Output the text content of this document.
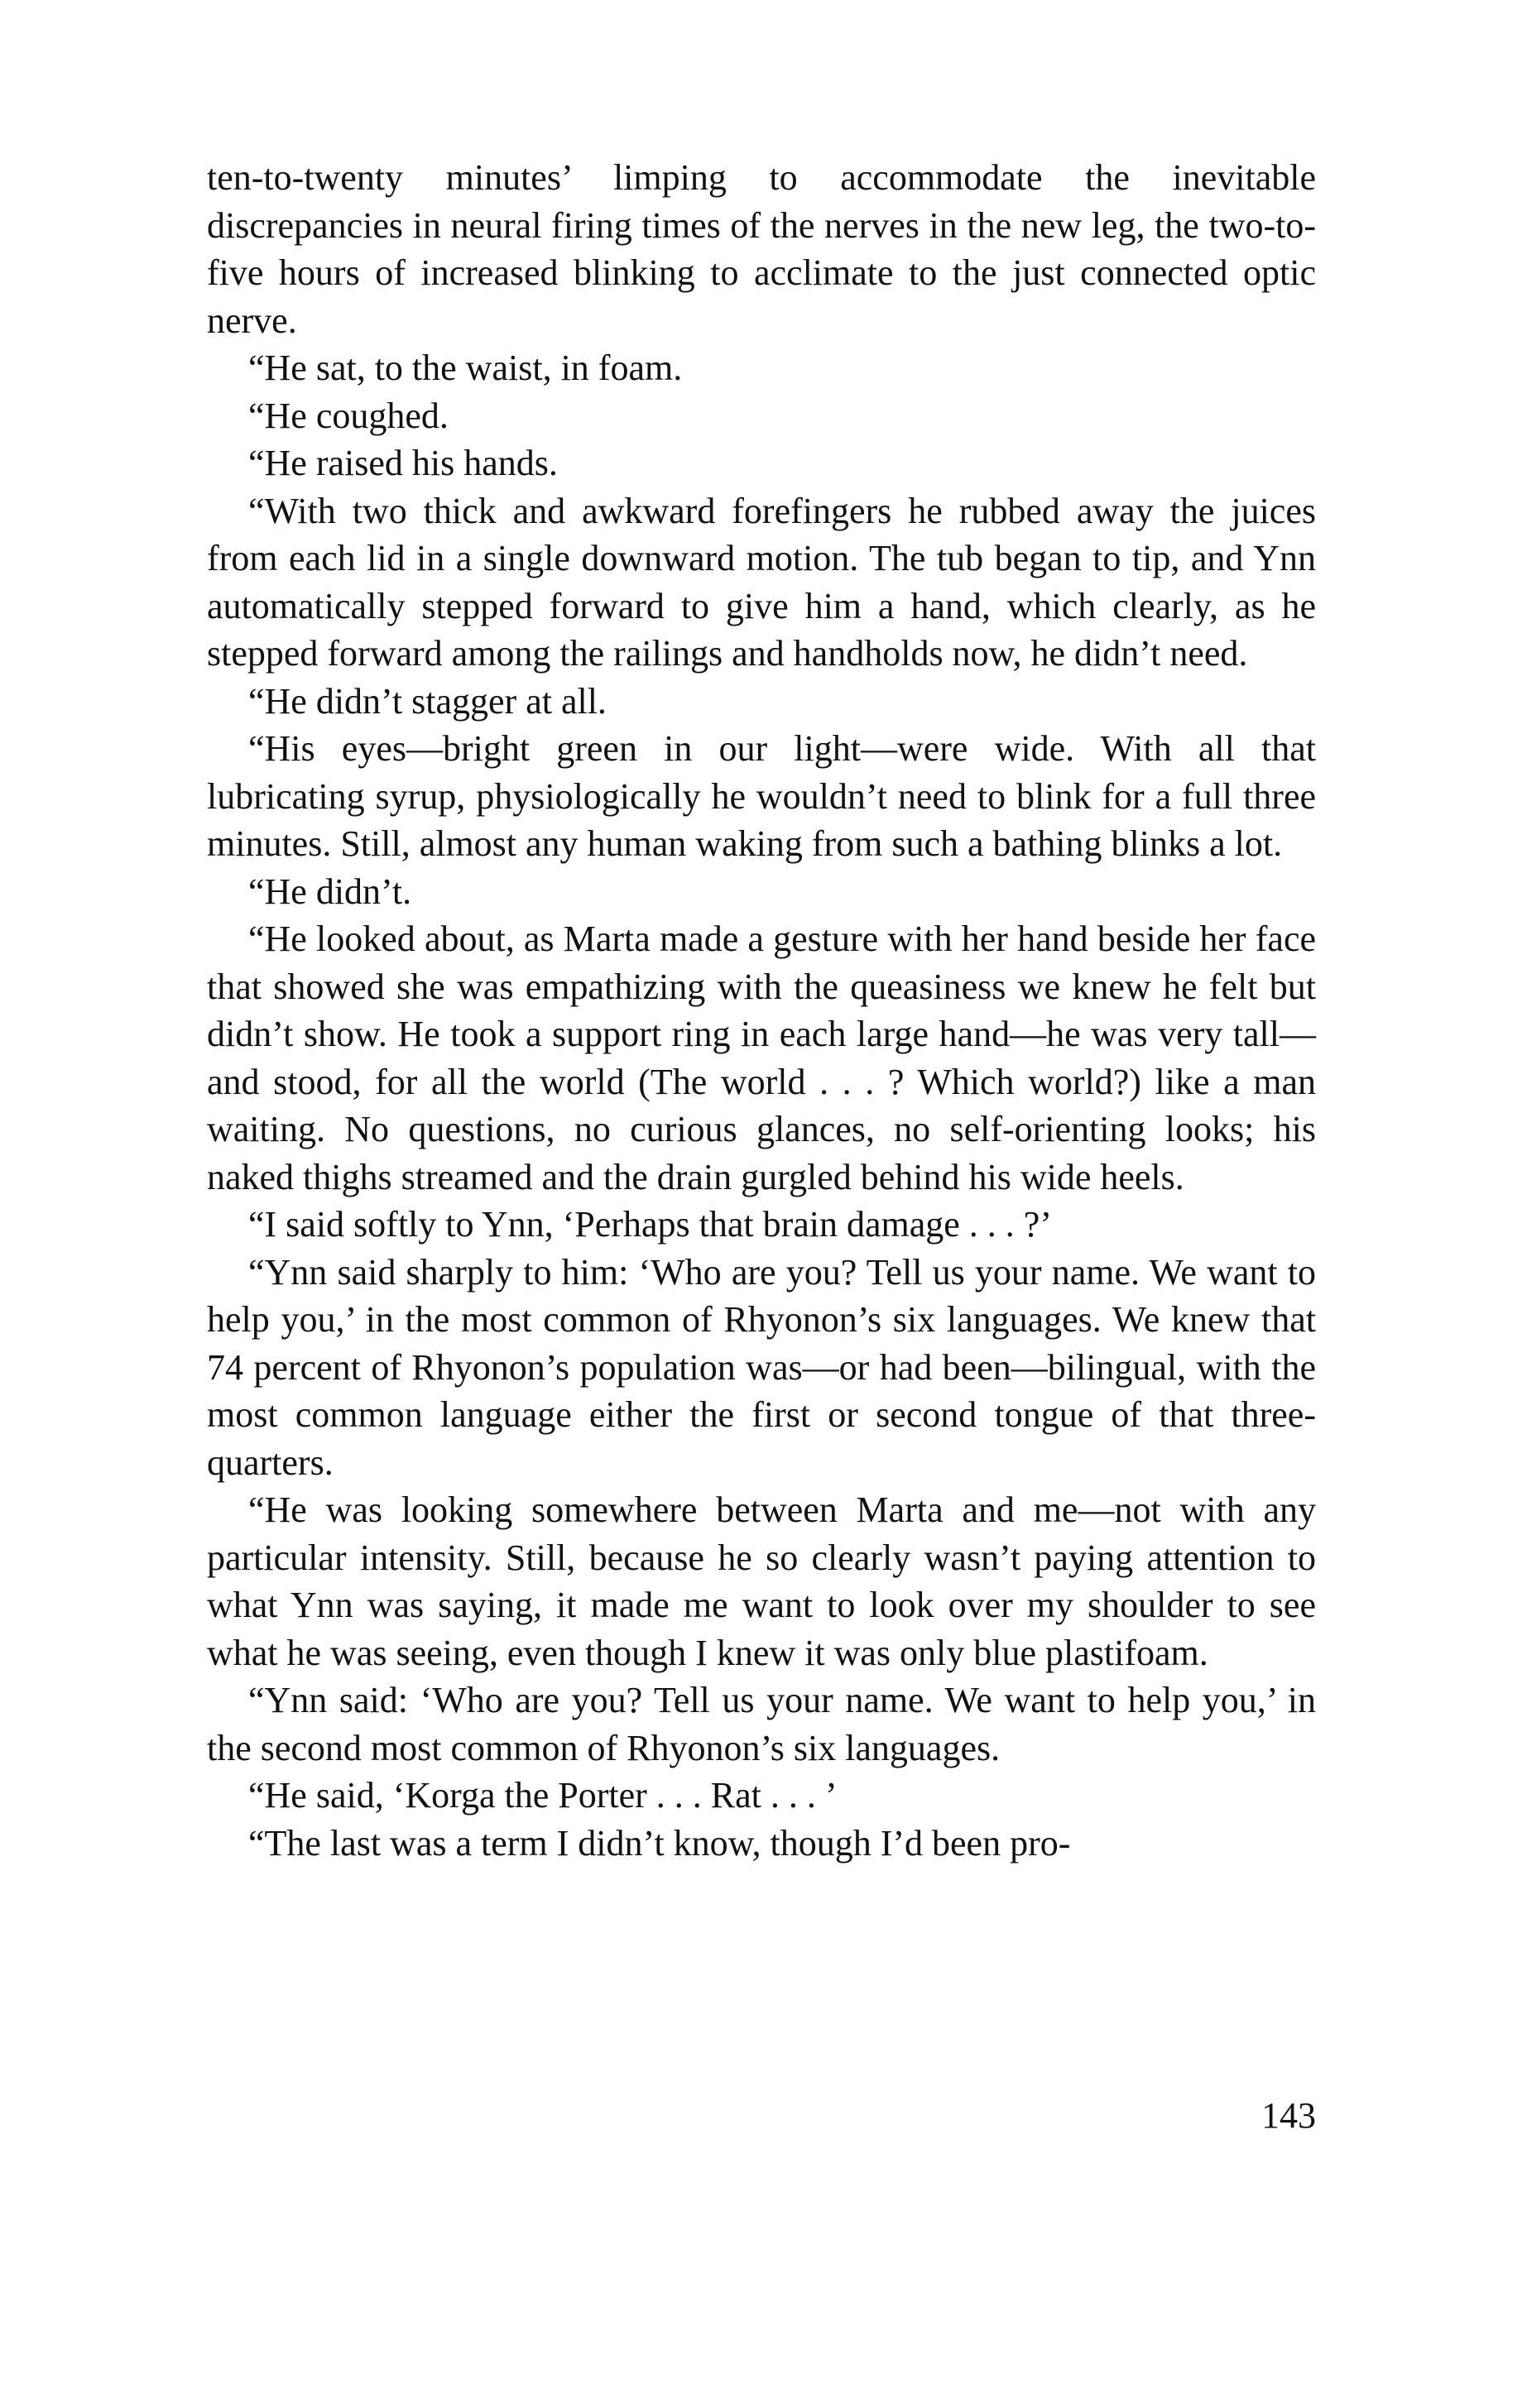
ten-to-twenty minutes’ limping to accommodate the inevitable discrepancies in neural firing times of the nerves in the new leg, the two-to-five hours of increased blinking to acclimate to the just connected optic nerve.

“He sat, to the waist, in foam.

“He coughed.

“He raised his hands.

“With two thick and awkward forefingers he rubbed away the juices from each lid in a single downward motion. The tub began to tip, and Ynn automatically stepped forward to give him a hand, which clearly, as he stepped forward among the railings and handholds now, he didn’t need.

“He didn’t stagger at all.

“His eyes—bright green in our light—were wide. With all that lubricating syrup, physiologically he wouldn’t need to blink for a full three minutes. Still, almost any human waking from such a bathing blinks a lot.

“He didn’t.

“He looked about, as Marta made a gesture with her hand beside her face that showed she was empathizing with the queasiness we knew he felt but didn’t show. He took a support ring in each large hand—he was very tall—and stood, for all the world (The world . . . ? Which world?) like a man waiting. No questions, no curious glances, no self-orienting looks; his naked thighs streamed and the drain gurgled behind his wide heels.

“I said softly to Ynn, ‘Perhaps that brain damage . . . ?’

“Ynn said sharply to him: ‘Who are you? Tell us your name. We want to help you,’ in the most common of Rhyonon’s six languages. We knew that 74 percent of Rhyonon’s population was—or had been—bilingual, with the most common language either the first or second tongue of that three-quarters.

“He was looking somewhere between Marta and me—not with any particular intensity. Still, because he so clearly wasn’t paying attention to what Ynn was saying, it made me want to look over my shoulder to see what he was seeing, even though I knew it was only blue plastifoam.

“Ynn said: ‘Who are you? Tell us your name. We want to help you,’ in the second most common of Rhyonon’s six languages.

“He said, ‘Korga the Porter . . . Rat . . . ’

“The last was a term I didn’t know, though I’d been pro-

143
